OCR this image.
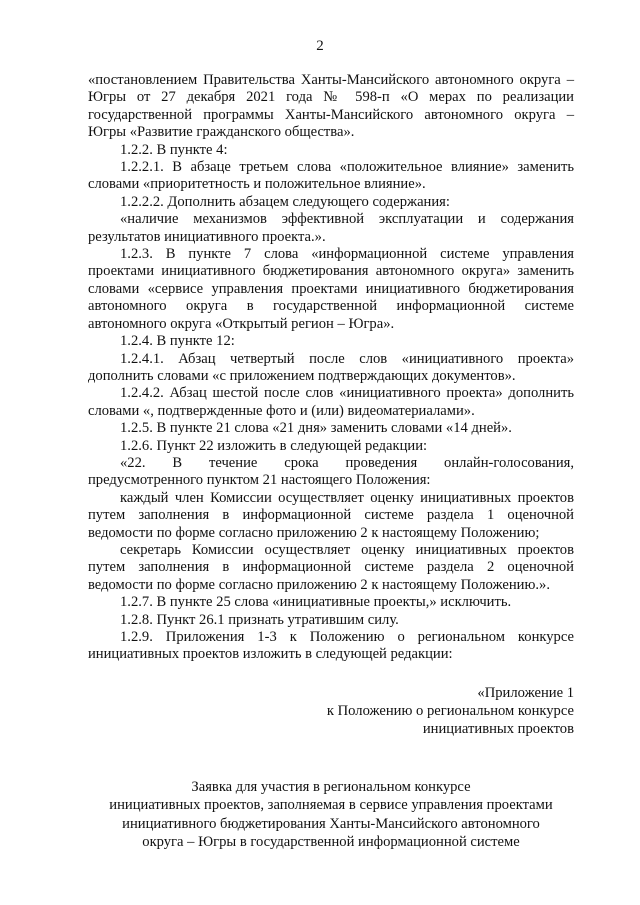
2

«постановлением Правительства Ханты-Мансийского автономного округа – Югры от 27 декабря 2021 года № 598-п «О мерах по реализации государственной программы Ханты-Мансийского автономного округа – Югры «Развитие гражданского общества».

1.2.2. В пункте 4:

1.2.2.1. В абзаце третьем слова «положительное влияние» заменить словами «приоритетность и положительное влияние».

1.2.2.2. Дополнить абзацем следующего содержания:

«наличие механизмов эффективной эксплуатации и содержания результатов инициативного проекта.».

1.2.3. В пункте 7 слова «информационной системе управления проектами инициативного бюджетирования автономного округа» заменить словами «сервисе управления проектами инициативного бюджетирования автономного округа в государственной информационной системе автономного округа «Открытый регион – Югра».

1.2.4. В пункте 12:

1.2.4.1. Абзац четвертый после слов «инициативного проекта» дополнить словами «с приложением подтверждающих документов».

1.2.4.2. Абзац шестой после слов «инициативного проекта» дополнить словами «, подтвержденные фото и (или) видеоматериалами».

1.2.5. В пункте 21 слова «21 дня» заменить словами «14 дней».

1.2.6. Пункт 22 изложить в следующей редакции:

«22. В течение срока проведения онлайн-голосования, предусмотренного пунктом 21 настоящего Положения:

каждый член Комиссии осуществляет оценку инициативных проектов путем заполнения в информационной системе раздела 1 оценочной ведомости по форме согласно приложению 2 к настоящему Положению;

секретарь Комиссии осуществляет оценку инициативных проектов путем заполнения в информационной системе раздела 2 оценочной ведомости по форме согласно приложению 2 к настоящему Положению.».

1.2.7. В пункте 25 слова «инициативные проекты,» исключить.

1.2.8. Пункт 26.1 признать утратившим силу.

1.2.9. Приложения 1-3 к Положению о региональном конкурсе инициативных проектов изложить в следующей редакции:

«Приложение 1

к Положению о региональном конкурсе

инициативных проектов

Заявка для участия в региональном конкурсе

инициативных проектов, заполняемая в сервисе управления проектами

инициативного бюджетирования Ханты-Мансийского автономного

округа – Югры в государственной информационной системе
